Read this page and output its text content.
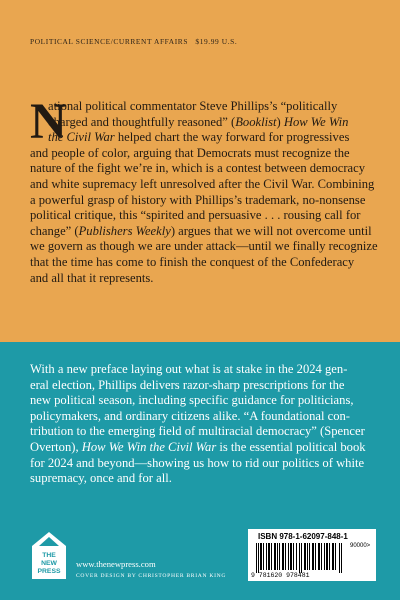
POLITICAL SCIENCE/CURRENT AFFAIRS $19.99 U.S.
N
ational political commentator Steve Phillips’s “politically
charged and thoughtfully reasoned” (Booklist) How We Win
the Civil War helped chart the way forward for progressives
and people of color, arguing that Democrats must recognize the
nature of the fight we’re in, which is a contest between democracy
and white supremacy left unresolved after the Civil War. Combining
a powerful grasp of history with Phillips’s trademark, no-nonsense
political critique, this “spirited and persuasive . . . rousing call for
change” (Publishers Weekly) argues that we will not overcome until
we govern as though we are under attack—until we finally recognize
that the time has come to finish the conquest of the Confederacy
and all that it represents.
With a new preface laying out what is at stake in the 2024 gen-
eral election, Phillips delivers razor-sharp prescriptions for the
new political season, including specific guidance for politicians,
policymakers, and ordinary citizens alike. “A foundational con-
tribution to the emerging field of multiracial democracy” (Spencer
Overton), How We Win the Civil War is the essential political book
for 2024 and beyond—showing us how to rid our politics of white
supremacy, once and for all.
THE
NEW
PRESS
www.thenewpress.com
COVER DESIGN BY CHRISTOPHER BRIAN KING
ISBN 978-1-62097-848-1
90000>
9 781620 978481
